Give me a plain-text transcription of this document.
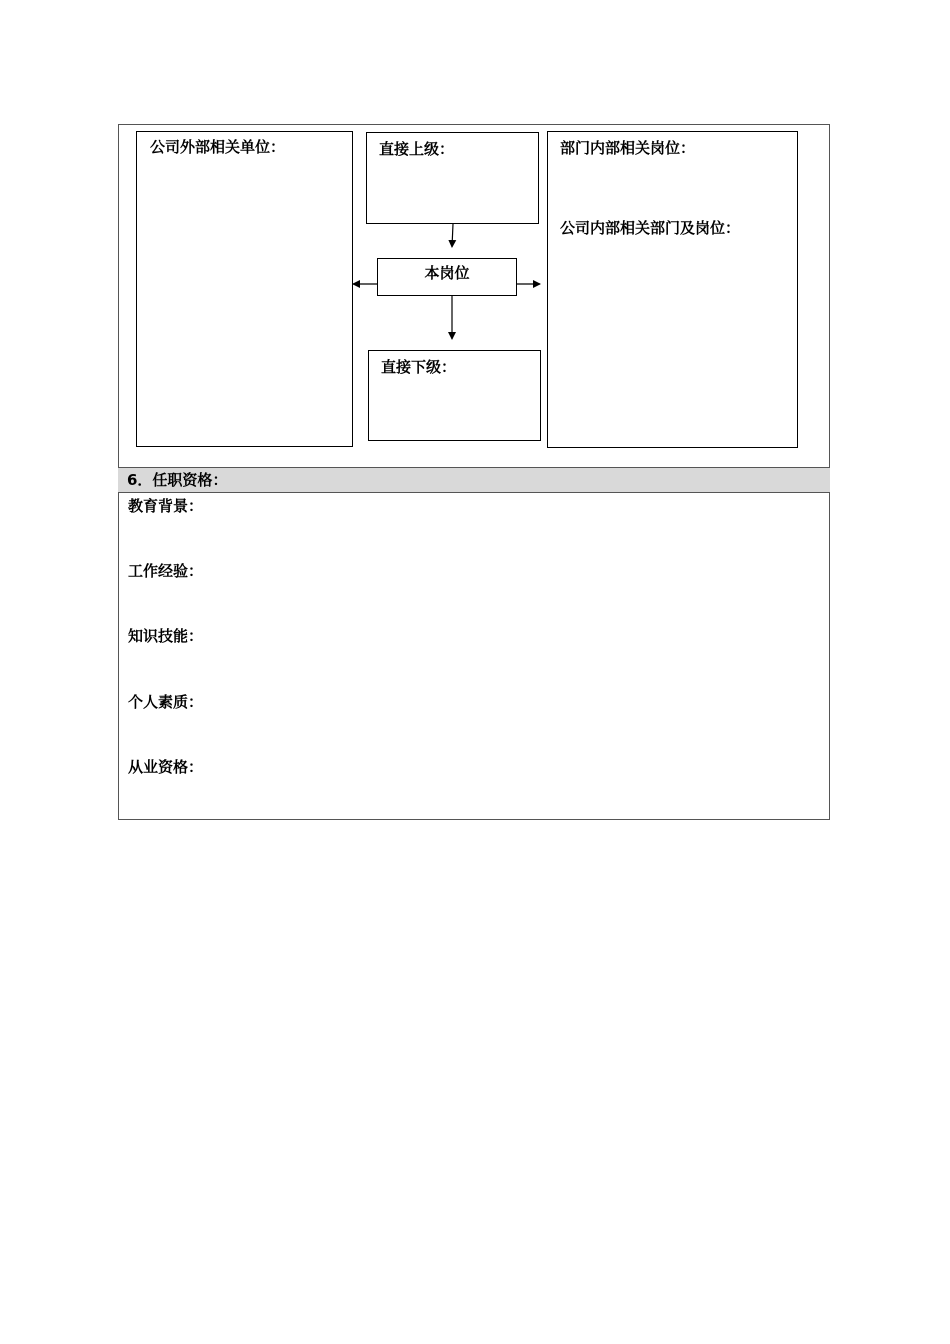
公司外部相关单位：	直接上级：
本岗位
直接下级：
部门内部相关岗位：
公司内部相关部门及岗位：
6．任职资格：
教育背景：
工作经验：
知识技能：
个人素质：
从业资格：
